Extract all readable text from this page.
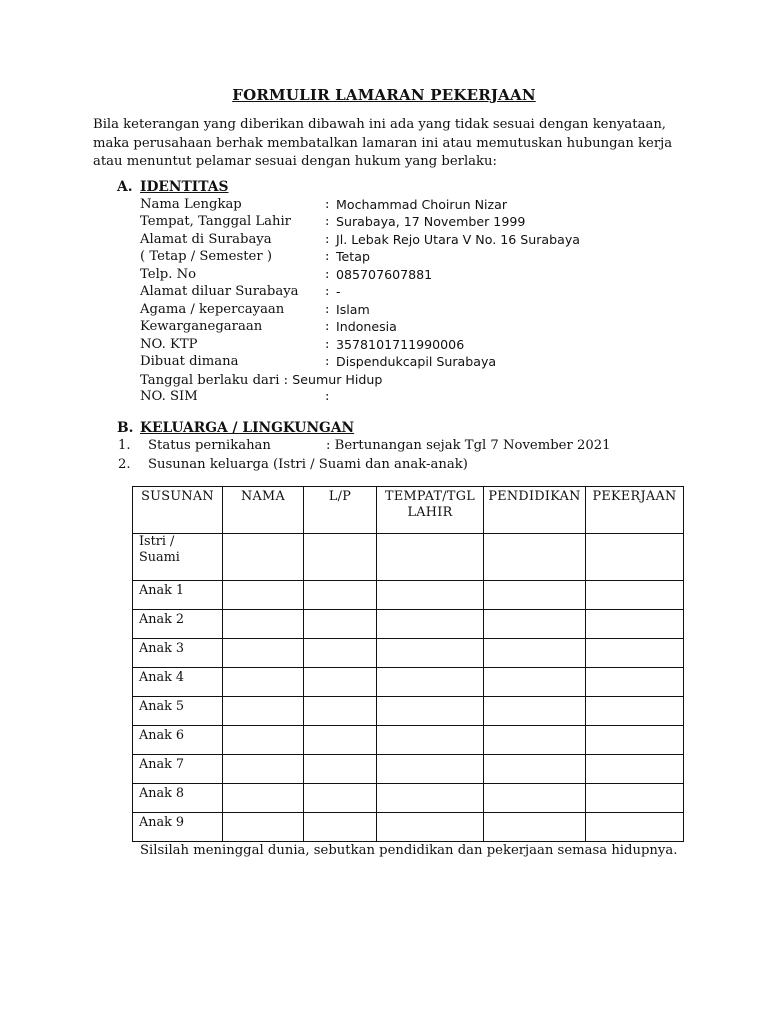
FORMULIR LAMARAN PEKERJAAN
Bila keterangan yang diberikan dibawah ini ada yang tidak sesuai dengan kenyataan,
maka perusahaan berhak membatalkan lamaran ini atau memutuskan hubungan kerja
atau menuntut pelamar sesuai dengan hukum yang berlaku:
A. IDENTITAS
Nama Lengkap	: Mochammad Choirun Nizar
Tempat, Tanggal Lahir	: Surabaya, 17 November 1999
Alamat di Surabaya	: Jl. Lebak Rejo Utara V No. 16 Surabaya
( Tetap / Semester )	: Tetap
Telp. No	: 085707607881
Alamat diluar Surabaya : -
Agama / kepercayaan	: Islam
Kewarganegaraan	: Indonesia
NO. KTP	: 3578101711990006
Dibuat dimana	: Dispendukcapil Surabaya
Tanggal berlaku dari : Seumur Hidup
NO. SIM	:
B. KELUARGA / LINGKUNGAN
1. Status pernikahan	: Bertunangan sejak Tgl 7 November 2021
2. Susunan keluarga (Istri / Suami dan anak-anak)
SUSUNAN	NAMA	L/P	TEMPAT/TGL LAHIR	PENDIDIKAN	PEKERJAAN
Istri / Suami					
Anak 1					
Anak 2					
Anak 3					
Anak 4					
Anak 5					
Anak 6					
Anak 7					
Anak 8					
Anak 9					
Silsilah meninggal dunia, sebutkan pendidikan dan pekerjaan semasa hidupnya.
